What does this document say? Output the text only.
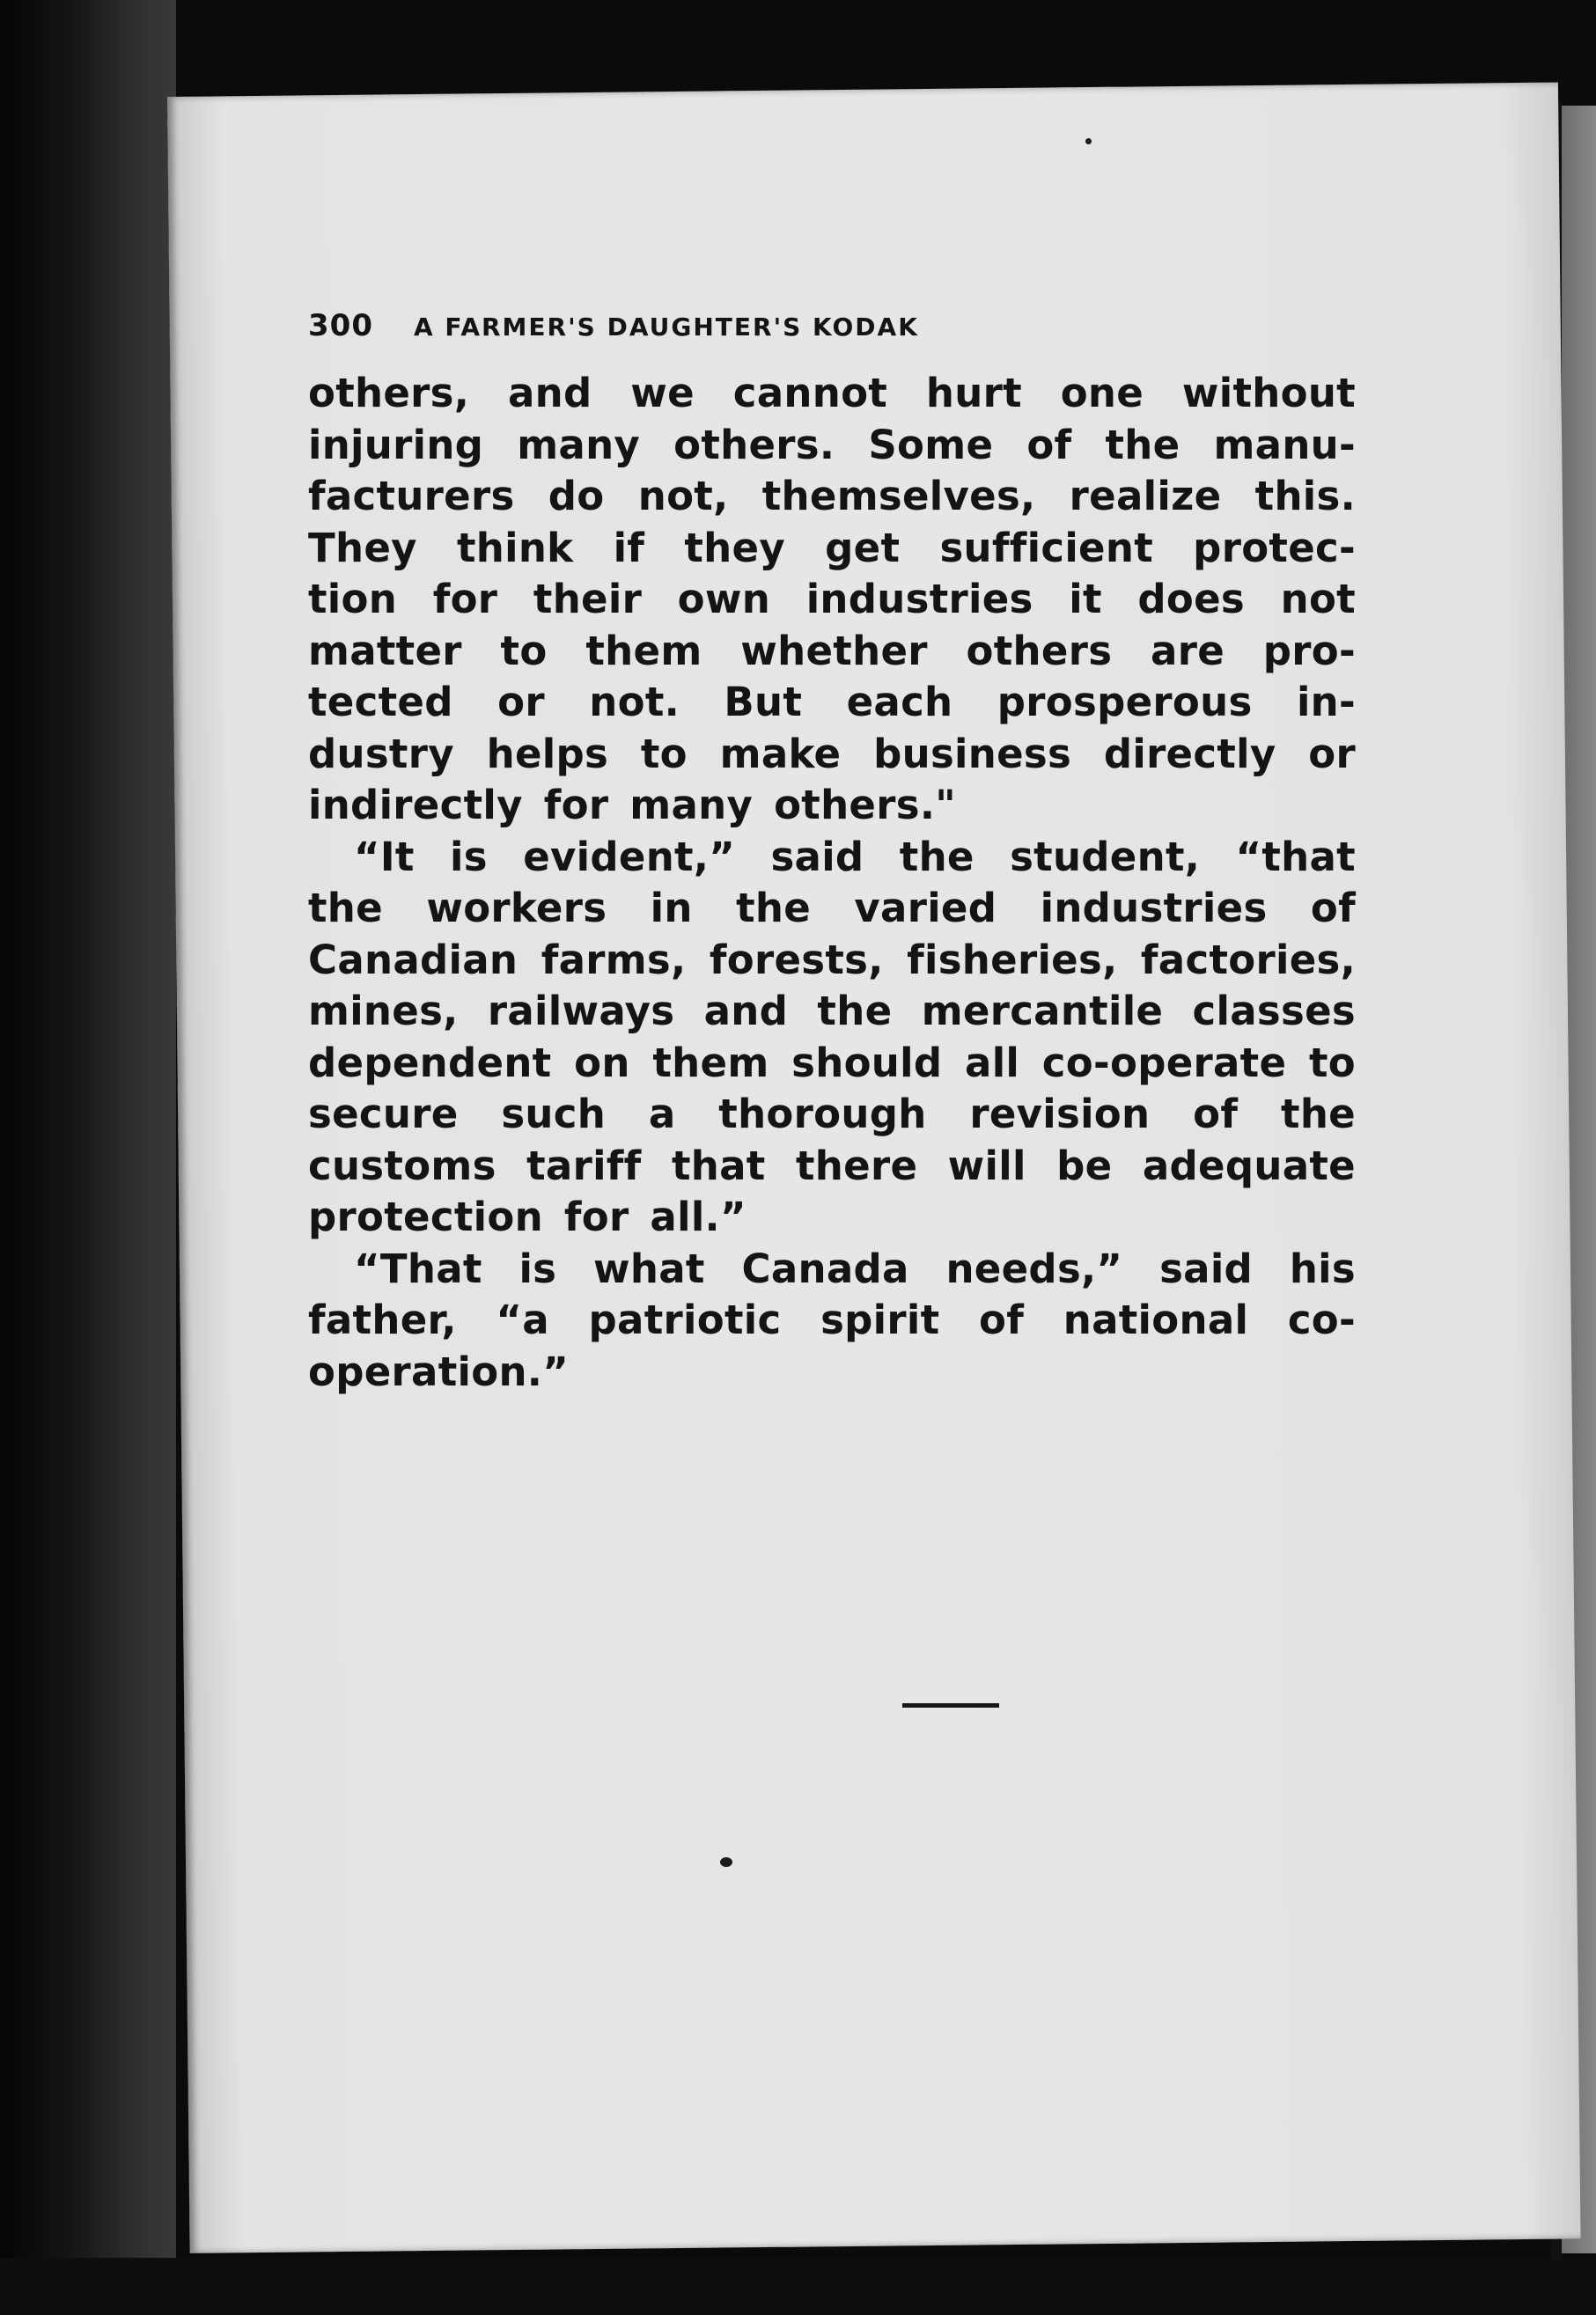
300 A FARMER'S DAUGHTER'S KODAK
others, and we cannot hurt one without
injuring many others. Some of the manu-
facturers do not, themselves, realize this.
They think if they get sufficient protec-
tion for their own industries it does not
matter to them whether others are pro-
tected or not. But each prosperous in-
dustry helps to make business directly or
indirectly for many others."
“It is evident,” said the student, “that
the workers in the varied industries of
Canadian farms, forests, fisheries, factories,
mines, railways and the mercantile classes
dependent on them should all co-operate to
secure such a thorough revision of the
customs tariff that there will be adequate
protection for all.”
“That is what Canada needs,” said his
father, “a patriotic spirit of national co-
operation.”
